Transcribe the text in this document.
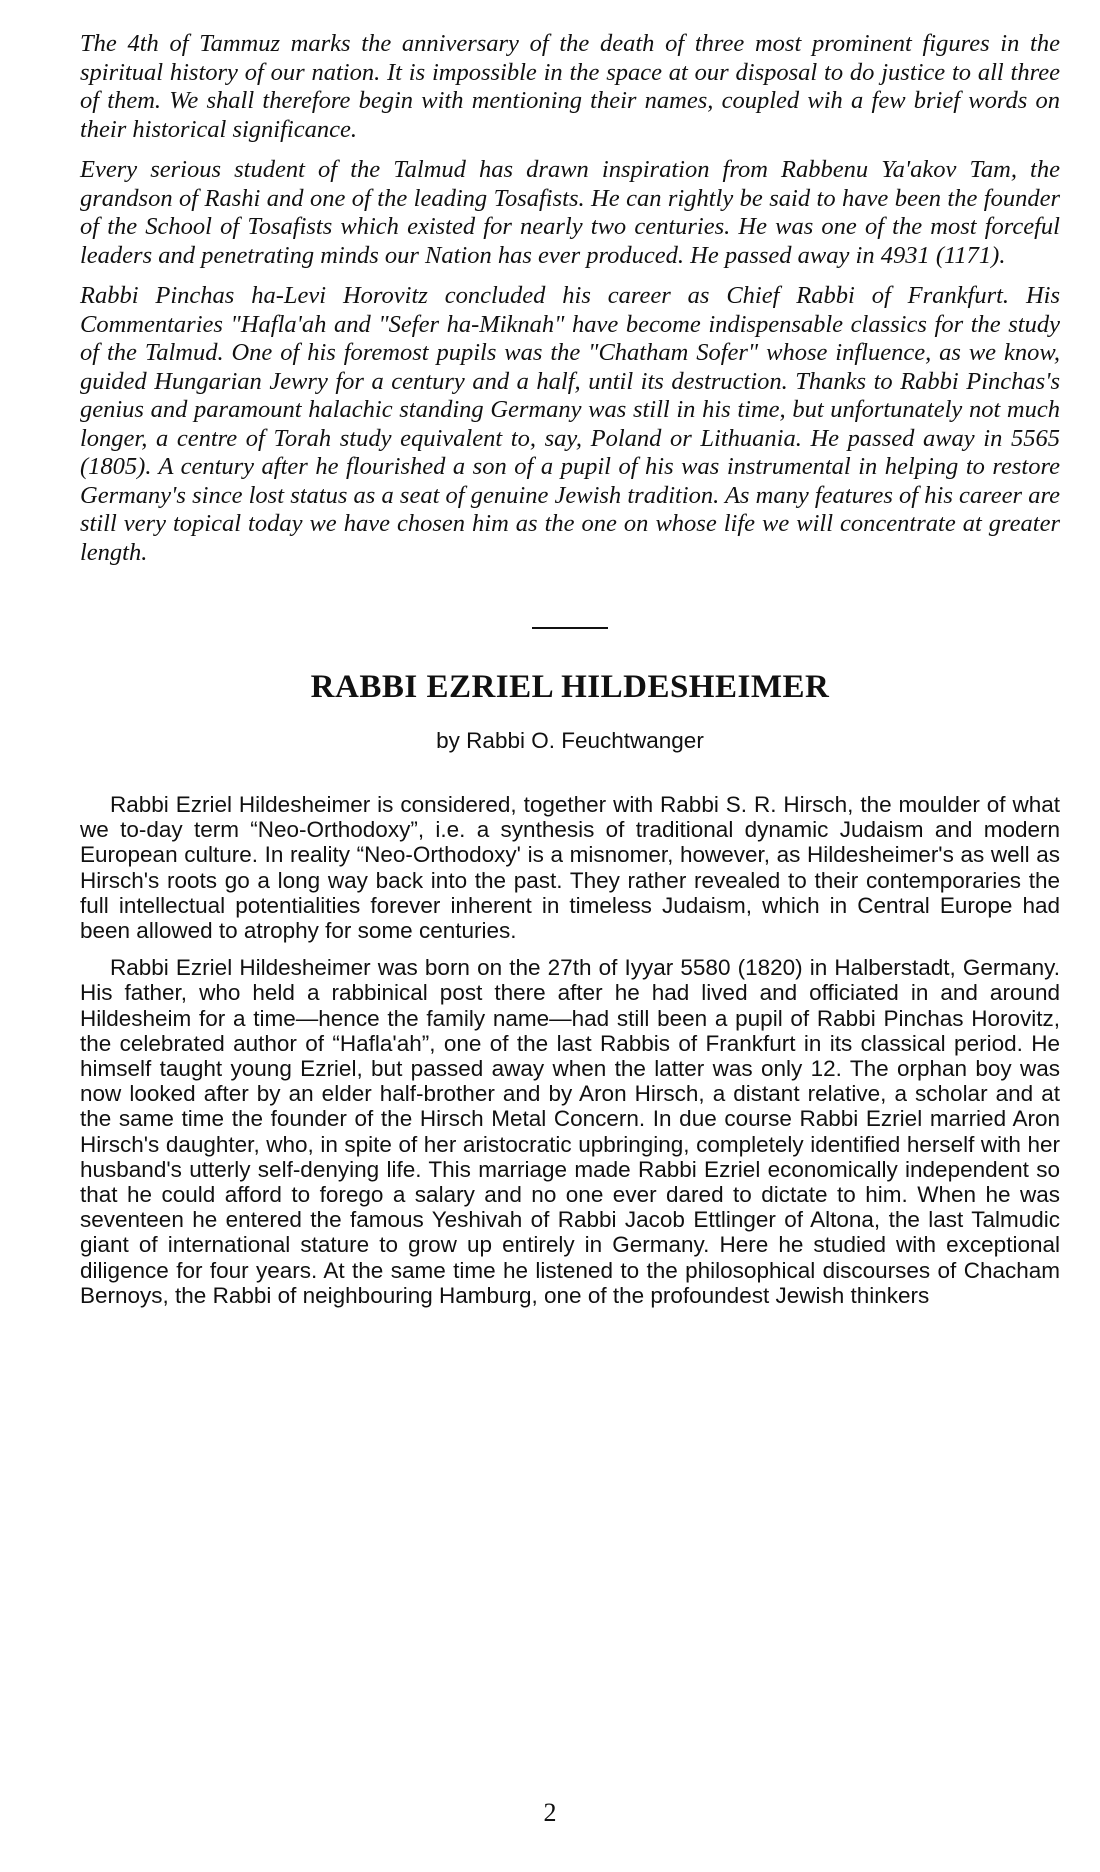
The 4th of Tammuz marks the anniversary of the death of three most prominent figures in the spiritual history of our nation. It is impossible in the space at our disposal to do justice to all three of them. We shall therefore begin with mentioning their names, coupled wih a few brief words on their historical significance.

Every serious student of the Talmud has drawn inspiration from Rabbenu Ya'akov Tam, the grandson of Rashi and one of the leading Tosafists. He can rightly be said to have been the founder of the School of Tosafists which existed for nearly two centuries. He was one of the most forceful leaders and penetrating minds our Nation has ever produced. He passed away in 4931 (1171).

Rabbi Pinchas ha-Levi Horovitz concluded his career as Chief Rabbi of Frankfurt. His Commentaries "Hafla'ah and "Sefer ha-Miknah" have become indispensable classics for the study of the Talmud. One of his foremost pupils was the "Chatham Sofer" whose influence, as we know, guided Hungarian Jewry for a century and a half, until its destruction. Thanks to Rabbi Pinchas's genius and paramount halachic standing Germany was still in his time, but unfortunately not much longer, a centre of Torah study equivalent to, say, Poland or Lithuania. He passed away in 5565 (1805). A century after he flourished a son of a pupil of his was instrumental in helping to restore Germany's since lost status as a seat of genuine Jewish tradition. As many features of his career are still very topical today we have chosen him as the one on whose life we will concentrate at greater length.

RABBI EZRIEL HILDESHEIMER
by Rabbi O. Feuchtwanger

Rabbi Ezriel Hildesheimer is considered, together with Rabbi S. R. Hirsch, the moulder of what we to-day term “Neo-Orthodoxy”, i.e. a synthesis of traditional dynamic Judaism and modern European culture. In reality “Neo-Orthodoxy' is a misnomer, however, as Hildesheimer's as well as Hirsch's roots go a long way back into the past. They rather revealed to their contemporaries the full intellectual potentialities forever inherent in timeless Judaism, which in Central Europe had been allowed to atrophy for some centuries.

Rabbi Ezriel Hildesheimer was born on the 27th of Iyyar 5580 (1820) in Halberstadt, Germany. His father, who held a rabbinical post there after he had lived and officiated in and around Hildesheim for a time—hence the family name—had still been a pupil of Rabbi Pinchas Horovitz, the celebrated author of “Hafla'ah”, one of the last Rabbis of Frankfurt in its classical period. He himself taught young Ezriel, but passed away when the latter was only 12. The orphan boy was now looked after by an elder half-brother and by Aron Hirsch, a distant relative, a scholar and at the same time the founder of the Hirsch Metal Concern. In due course Rabbi Ezriel married Aron Hirsch's daughter, who, in spite of her aristocratic upbringing, completely identified herself with her husband's utterly self-denying life. This marriage made Rabbi Ezriel economically independent so that he could afford to forego a salary and no one ever dared to dictate to him. When he was seventeen he entered the famous Yeshivah of Rabbi Jacob Ettlinger of Altona, the last Talmudic giant of international stature to grow up entirely in Germany. Here he studied with exceptional diligence for four years. At the same time he listened to the philosophical discourses of Chacham Bernoys, the Rabbi of neighbouring Hamburg, one of the profoundest Jewish thinkers

2
